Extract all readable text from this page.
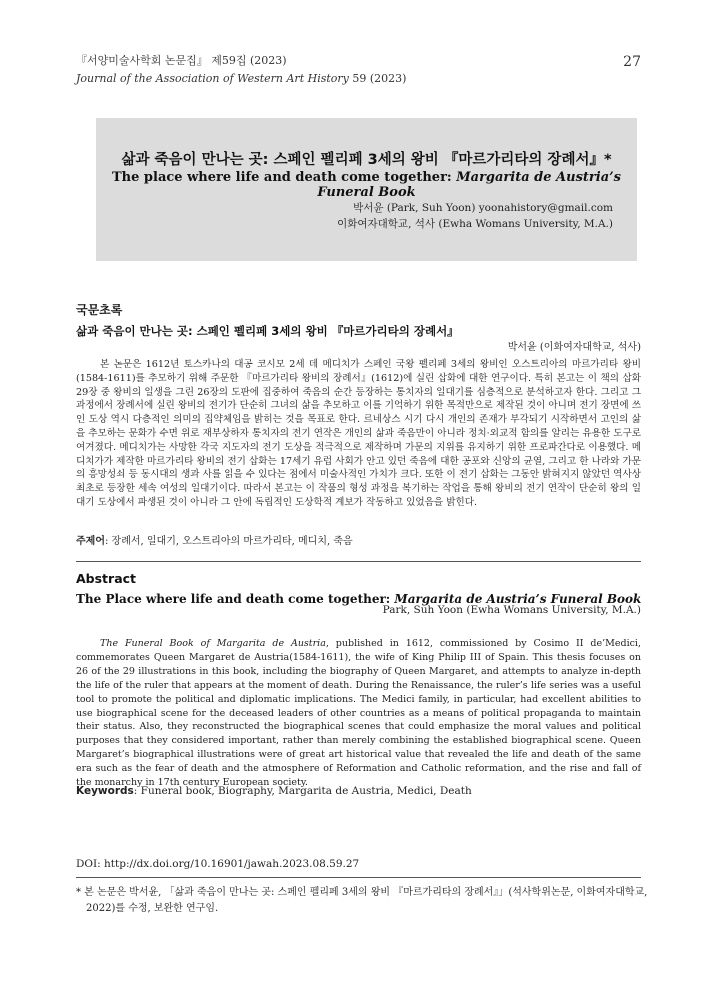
『서양미술사학회 논문집』 제59집 (2023)
Journal of the Association of Western Art History 59 (2023)
27
삶과 죽음이 만나는 곳: 스페인 펠리페 3세의 왕비 『마르가리타의 장례서』*
The place where life and death come together: Margarita de Austria’s Funeral Book
박서윤 (Park, Suh Yoon) yoonahistory@gmail.com
이화여자대학교, 석사 (Ewha Womans University, M.A.)
국문초록
삶과 죽음이 만나는 곳: 스페인 펠리페 3세의 왕비 『마르가리타의 장례서』
박서윤 (이화여자대학교, 석사)

본 논문은 1612년 토스카나의 대공 코시모 2세 데 메디치가 스페인 국왕 펠리페 3세의 왕비인 오스트리아의 마르가리타 왕비(1584-1611)를 추모하기 위해 주문한 『마르가리타 왕비의 장례서』(1612)에 실린 삽화에 대한 연구이다. 특히 본고는 이 책의 삽화 29장 중 왕비의 일생을 그린 26장의 도판에 집중하여 죽음의 순간 등장하는 통치자의 일대기를 심층적으로 분석하고자 한다. 그리고 그 과정에서 장례서에 실린 왕비의 전기가 단순히 그녀의 삶을 추모하고 이를 기억하기 위한 목적만으로 제작된 것이 아니며 전기 장면에 쓰인 도상 역시 다층적인 의미의 집약체임을 밝히는 것을 목표로 한다. 르네상스 시기 다시 개인의 존재가 부각되기 시작하면서 고인의 삶을 추모하는 문화가 수면 위로 재부상하자 통치자의 전기 연작은 개인의 삶과 죽음만이 아니라 정치·외교적 함의를 알리는 유용한 도구로 여겨졌다. 메디치가는 사망한 각국 지도자의 전기 도상을 적극적으로 제작하며 가문의 지위를 유지하기 위한 프로파간다로 이용했다. 메디치가가 제작한 마르가리타 왕비의 전기 삽화는 17세기 유럽 사회가 안고 있던 죽음에 대한 공포와 신앙의 균열, 그리고 한 나라와 가문의 흥망성쇠 등 동시대의 생과 사를 읽을 수 있다는 점에서 미술사적인 가치가 크다. 또한 이 전기 삽화는 그동안 밝혀지지 않았던 역사상 최초로 등장한 세속 여성의 일대기이다. 따라서 본고는 이 작품의 형성 과정을 복기하는 작업을 통해 왕비의 전기 연작이 단순히 왕의 일대기 도상에서 파생된 것이 아니라 그 안에 독립적인 도상학적 계보가 작동하고 있었음을 밝힌다.

주제어: 장례서, 일대기, 오스트리아의 마르가리타, 메디치, 죽음
Abstract
The Place where life and death come together: Margarita de Austria’s Funeral Book
Park, Suh Yoon (Ewha Womans University, M.A.)

The Funeral Book of Margarita de Austria, published in 1612, commissioned by Cosimo II de’Medici, commemorates Queen Margaret de Austria(1584-1611), the wife of King Philip III of Spain. This thesis focuses on 26 of the 29 illustrations in this book, including the biography of Queen Margaret, and attempts to analyze in-depth the life of the ruler that appears at the moment of death. During the Renaissance, the ruler’s life series was a useful tool to promote the political and diplomatic implications. The Medici family, in particular, had excellent abilities to use biographical scene for the deceased leaders of other countries as a means of political propaganda to maintain their status. Also, they reconstructed the biographical scenes that could emphasize the moral values and political purposes that they considered important, rather than merely combining the established biographical scene. Queen Margaret’s biographical illustrations were of great art historical value that revealed the life and death of the same era such as the fear of death and the atmosphere of Reformation and Catholic reformation, and the rise and fall of the monarchy in 17th century European society.

Keywords: Funeral book, Biography, Margarita de Austria, Medici, Death
DOI: http://dx.doi.org/10.16901/jawah.2023.08.59.27
* 본 논문은 박서윤, 「삶과 죽음이 만나는 곳: 스페인 펠리페 3세의 왕비 『마르가리타의 장례서』」(석사학위논문, 이화여자대학교,
2022)를 수정, 보완한 연구임.
